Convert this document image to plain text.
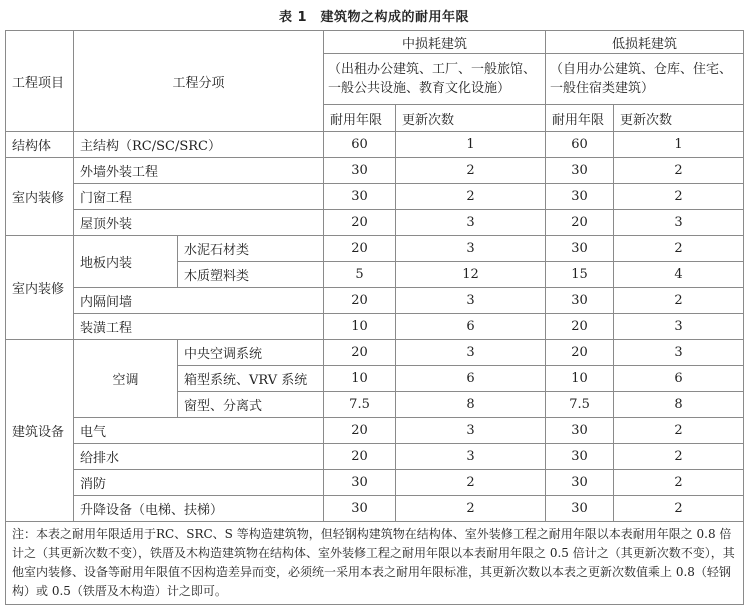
表 1　建筑物之构成的耐用年限
工程项目	工程分项		中损耗建筑		低损耗建筑	
			（出租办公建筑、工厂、一般旅馆、一般公共设施、教育文化设施）		（自用办公建筑、仓库、住宅、一般住宿类建筑）	
			耐用年限	更新次数	耐用年限	更新次数
结构体	主结构（RC/SC/SRC）		60	1	60	1
室内装修	外墙外装工程		30	2	30	2
	门窗工程		30	2	30	2
	屋顶外装		20	3	20	3
室内装修	地板内装	水泥石材类	20	3	30	2
		木质塑料类	5	12	15	4
	内隔间墙		20	3	30	2
	装潢工程		10	6	20	3
建筑设备	空调	中央空调系统	20	3	20	3
		箱型系统、VRV 系统	10	6	10	6
		窗型、分离式	7.5	8	7.5	8
	电气		20	3	30	2
	给排水		20	3	30	2
	消防		30	2	30	2
	升降设备（电梯、扶梯）		30	2	30	2
注：本表之耐用年限适用于RC、SRC、S 等构造建筑物，但轻钢构建筑物在结构体、室外装修工程之耐用年限以本表耐用年限之 0.8 倍计之（其更新次数不变），铁厝及木构造建筑物在结构体、室外装修工程之耐用年限以本表耐用年限之 0.5 倍计之（其更新次数不变），其他室内装修、设备等耐用年限值不因构造差异而变，必须统一采用本表之耐用年限标准，其更新次数以本表之更新次数值乘上 0.8（轻钢构）或 0.5（铁厝及木构造）计之即可。						
